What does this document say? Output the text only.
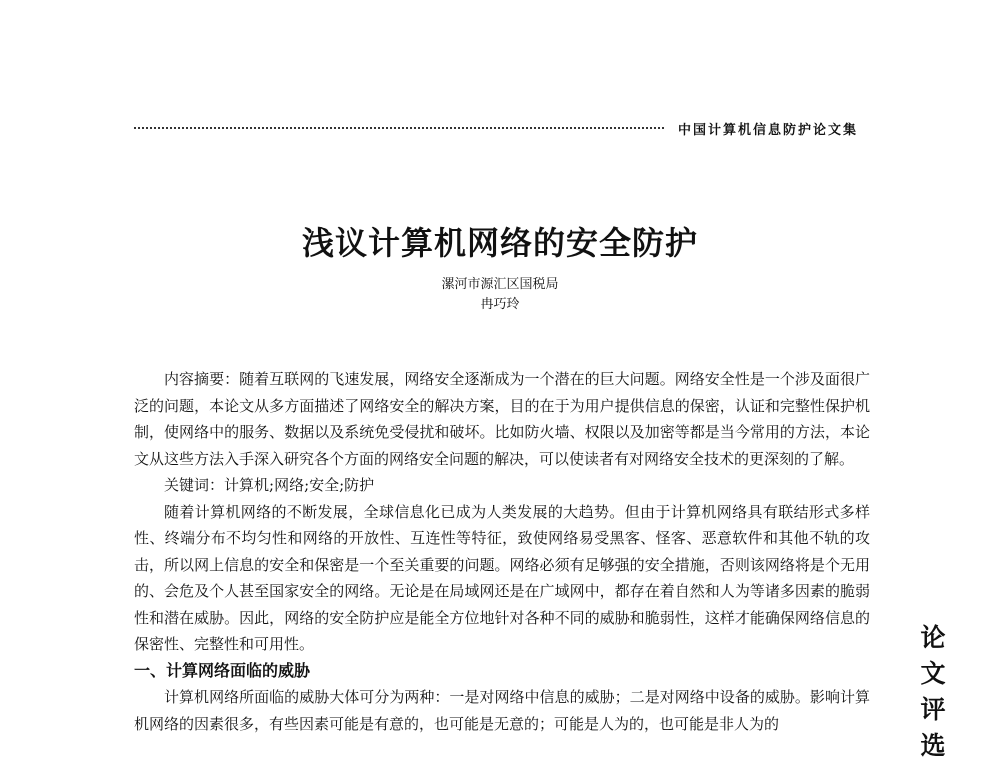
中国计算机信息防护论文集
浅议计算机网络的安全防护
漯河市源汇区国税局
冉巧玲

内容摘要：随着互联网的飞速发展，网络安全逐渐成为一个潜在的巨大问题。网络安全性是一个涉及面很广泛的问题，本论文从多方面描述了网络安全的解决方案，目的在于为用户提供信息的保密，认证和完整性保护机制，使网络中的服务、数据以及系统免受侵扰和破坏。比如防火墙、权限以及加密等都是当今常用的方法，本论文从这些方法入手深入研究各个方面的网络安全问题的解决，可以使读者有对网络安全技术的更深刻的了解。

关键词：计算机;网络;安全;防护

随着计算机网络的不断发展，全球信息化已成为人类发展的大趋势。但由于计算机网络具有联结形式多样性、终端分布不均匀性和网络的开放性、互连性等特征，致使网络易受黑客、怪客、恶意软件和其他不轨的攻击，所以网上信息的安全和保密是一个至关重要的问题。网络必须有足够强的安全措施，否则该网络将是个无用的、会危及个人甚至国家安全的网络。无论是在局域网还是在广域网中，都存在着自然和人为等诸多因素的脆弱性和潜在威胁。因此，网络的安全防护应是能全方位地针对各种不同的威胁和脆弱性，这样才能确保网络信息的保密性、完整性和可用性。

一、计算网络面临的威胁

计算机网络所面临的威胁大体可分为两种：一是对网络中信息的威胁；二是对网络中设备的威胁。影响计算机网络的因素很多，有些因素可能是有意的，也可能是无意的；可能是人为的，也可能是非人为的

论
文
评
选
